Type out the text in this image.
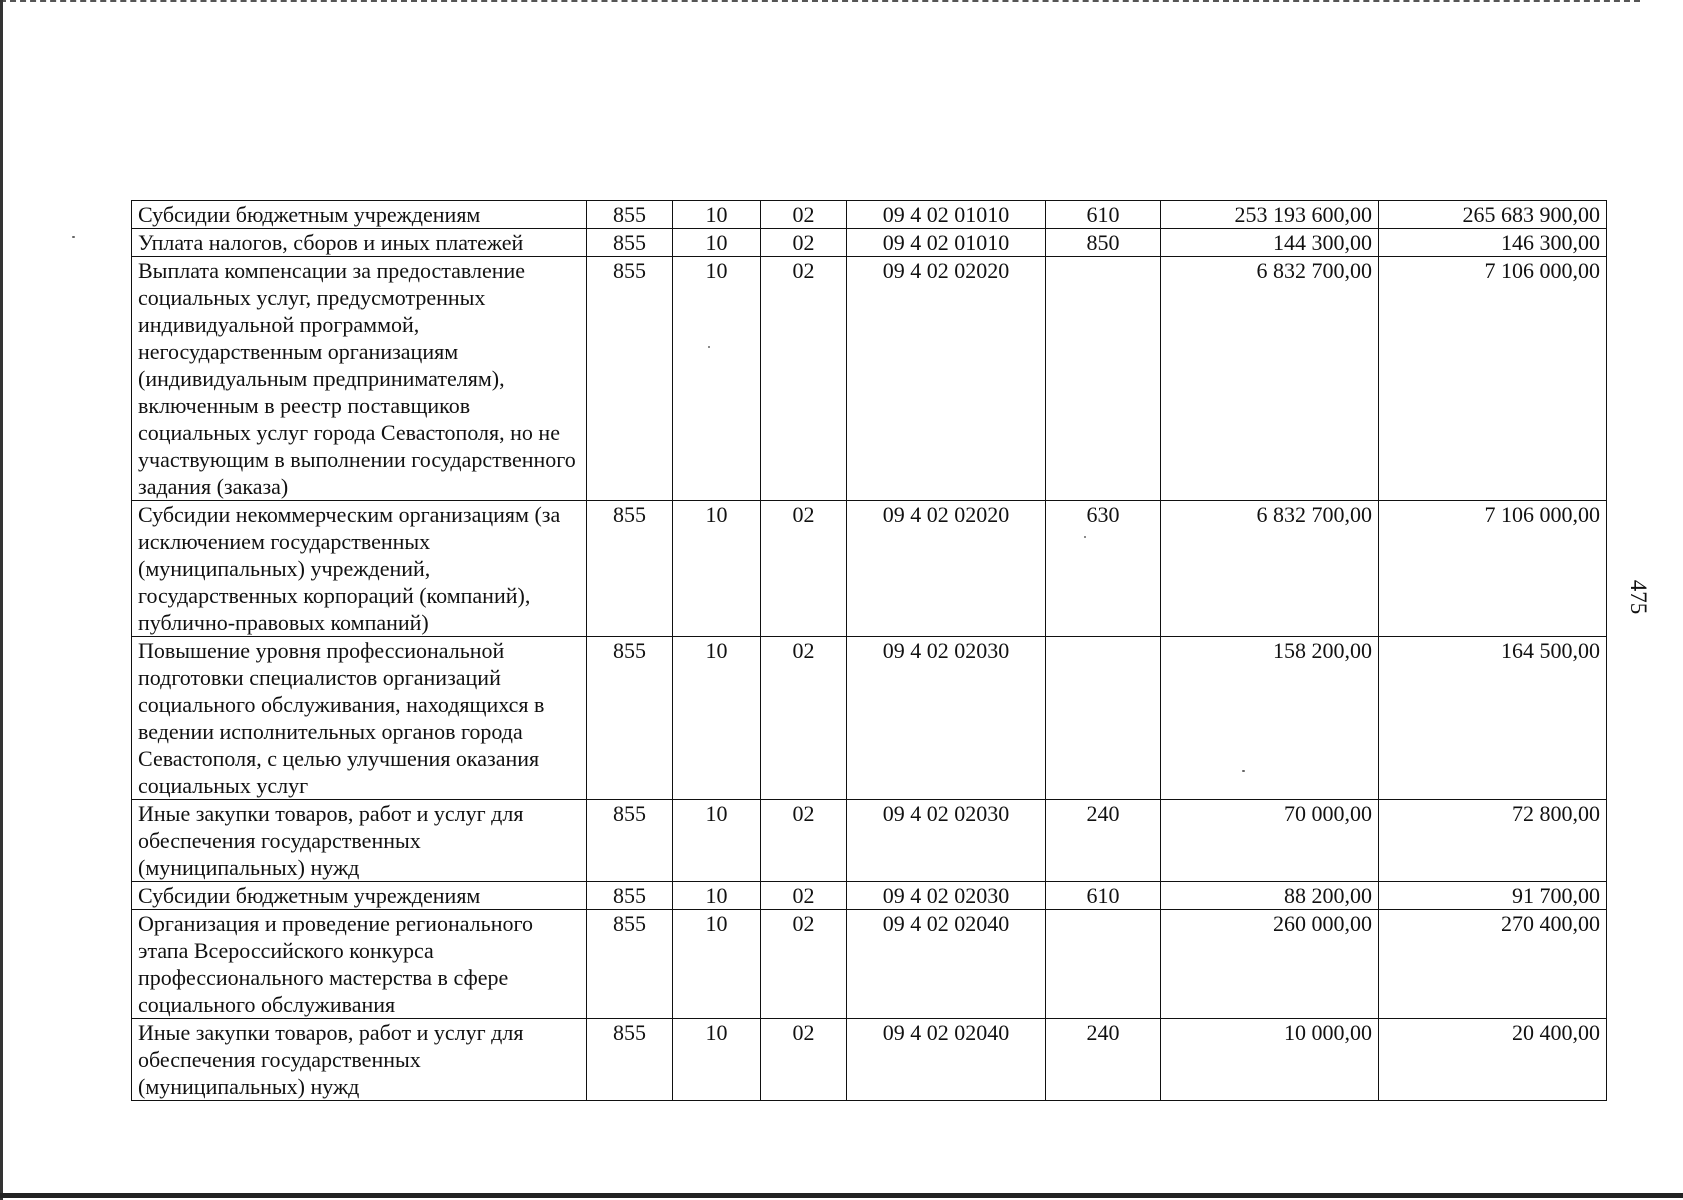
475
Субсидии бюджетным учреждениям	855	10	02	09 4 02 01010	610	253 193 600,00	265 683 900,00
Уплата налогов, сборов и иных платежей	855	10	02	09 4 02 01010	850	144 300,00	146 300,00
Выплата компенсации за предоставление социальных услуг, предусмотренных индивидуальной программой, негосударственным организациям (индивидуальным предпринимателям), включенным в реестр поставщиков социальных услуг города Севастополя, но не участвующим в выполнении государственного задания (заказа)	855	10	02	09 4 02 02020		6 832 700,00	7 106 000,00
Субсидии некоммерческим организациям (за исключением государственных (муниципальных) учреждений, государственных корпораций (компаний), публично-правовых компаний)	855	10	02	09 4 02 02020	630	6 832 700,00	7 106 000,00
Повышение уровня профессиональной подготовки специалистов организаций социального обслуживания, находящихся в ведении исполнительных органов города Севастополя, с целью улучшения оказания социальных услуг	855	10	02	09 4 02 02030		158 200,00	164 500,00
Иные закупки товаров, работ и услуг для обеспечения государственных (муниципальных) нужд	855	10	02	09 4 02 02030	240	70 000,00	72 800,00
Субсидии бюджетным учреждениям	855	10	02	09 4 02 02030	610	88 200,00	91 700,00
Организация и проведение регионального этапа Всероссийского конкурса профессионального мастерства в сфере социального обслуживания	855	10	02	09 4 02 02040		260 000,00	270 400,00
Иные закупки товаров, работ и услуг для обеспечения государственных (муниципальных) нужд	855	10	02	09 4 02 02040	240	10 000,00	20 400,00
